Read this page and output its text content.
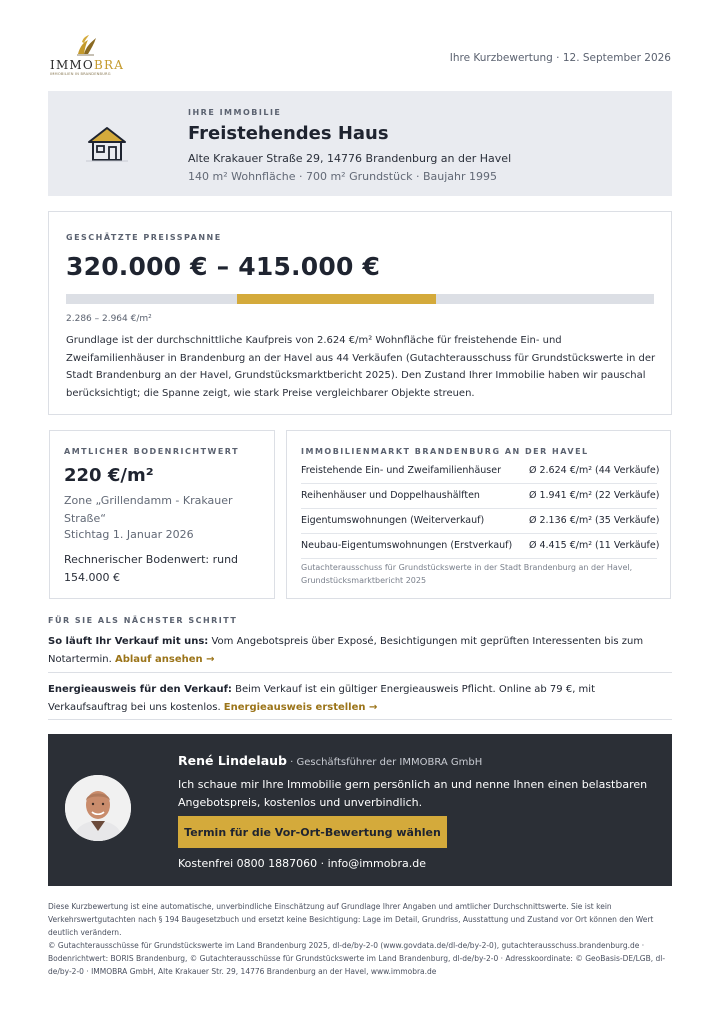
IMMOBRA
IMMOBILIEN IN BRANDENBURG
Ihre Kurzbewertung · 12. September 2026
IHRE IMMOBILIE
Freistehendes Haus
Alte Krakauer Straße 29, 14776 Brandenburg an der Havel
140 m² Wohnfläche · 700 m² Grundstück · Baujahr 1995
GESCHÄTZTE PREISSPANNE
320.000 € – 415.000 €
2.286 – 2.964 €/m²
Grundlage ist der durchschnittliche Kaufpreis von 2.624 €/m² Wohnfläche für freistehende Ein- und Zweifamilienhäuser in Brandenburg an der Havel aus 44 Verkäufen (Gutachterausschuss für Grundstückswerte in der Stadt Brandenburg an der Havel, Grundstücksmarktbericht 2025). Den Zustand Ihrer Immobilie haben wir pauschal berücksichtigt; die Spanne zeigt, wie stark Preise vergleichbarer Objekte streuen.
AMTLICHER BODENRICHTWERT
220 €/m²
Zone „Grillendamm - Krakauer Straße“
Stichtag 1. Januar 2026
Rechnerischer Bodenwert: rund 154.000 €
IMMOBILIENMARKT BRANDENBURG AN DER HAVEL
Freistehende Ein- und Zweifamilienhäuser	Ø 2.624 €/m² (44 Verkäufe)
Reihenhäuser und Doppelhaushälften	Ø 1.941 €/m² (22 Verkäufe)
Eigentumswohnungen (Weiterverkauf)	Ø 2.136 €/m² (35 Verkäufe)
Neubau-Eigentumswohnungen (Erstverkauf) Ø 4.415 €/m² (11 Verkäufe)
Gutachterausschuss für Grundstückswerte in der Stadt Brandenburg an der Havel, Grundstücksmarktbericht 2025
FÜR SIE ALS NÄCHSTER SCHRITT
So läuft Ihr Verkauf mit uns: Vom Angebotspreis über Exposé, Besichtigungen mit geprüften Interessenten bis zum Notartermin. Ablauf ansehen →
Energieausweis für den Verkauf: Beim Verkauf ist ein gültiger Energieausweis Pflicht. Online ab 79 €, mit Verkaufsauftrag bei uns kostenlos. Energieausweis erstellen →
René Lindelaub · Geschäftsführer der IMMOBRA GmbH
Ich schaue mir Ihre Immobilie gern persönlich an und nenne Ihnen einen belastbaren Angebotspreis, kostenlos und unverbindlich.
Termin für die Vor-Ort-Bewertung wählen
Kostenfrei 0800 1887060 · info@immobra.de
Diese Kurzbewertung ist eine automatische, unverbindliche Einschätzung auf Grundlage Ihrer Angaben und amtlicher Durchschnittswerte. Sie ist kein Verkehrswertgutachten nach § 194 Baugesetzbuch und ersetzt keine Besichtigung: Lage im Detail, Grundriss, Ausstattung und Zustand vor Ort können den Wert deutlich verändern.
© Gutachterausschüsse für Grundstückswerte im Land Brandenburg 2025, dl-de/by-2-0 (www.govdata.de/dl-de/by-2-0), gutachterausschuss.brandenburg.de · Bodenrichtwert: BORIS Brandenburg, © Gutachterausschüsse für Grundstückswerte im Land Brandenburg, dl-de/by-2-0 · Adresskoordinate: © GeoBasis-DE/LGB, dl-de/by-2-0 · IMMOBRA GmbH, Alte Krakauer Str. 29, 14776 Brandenburg an der Havel, www.immobra.de
